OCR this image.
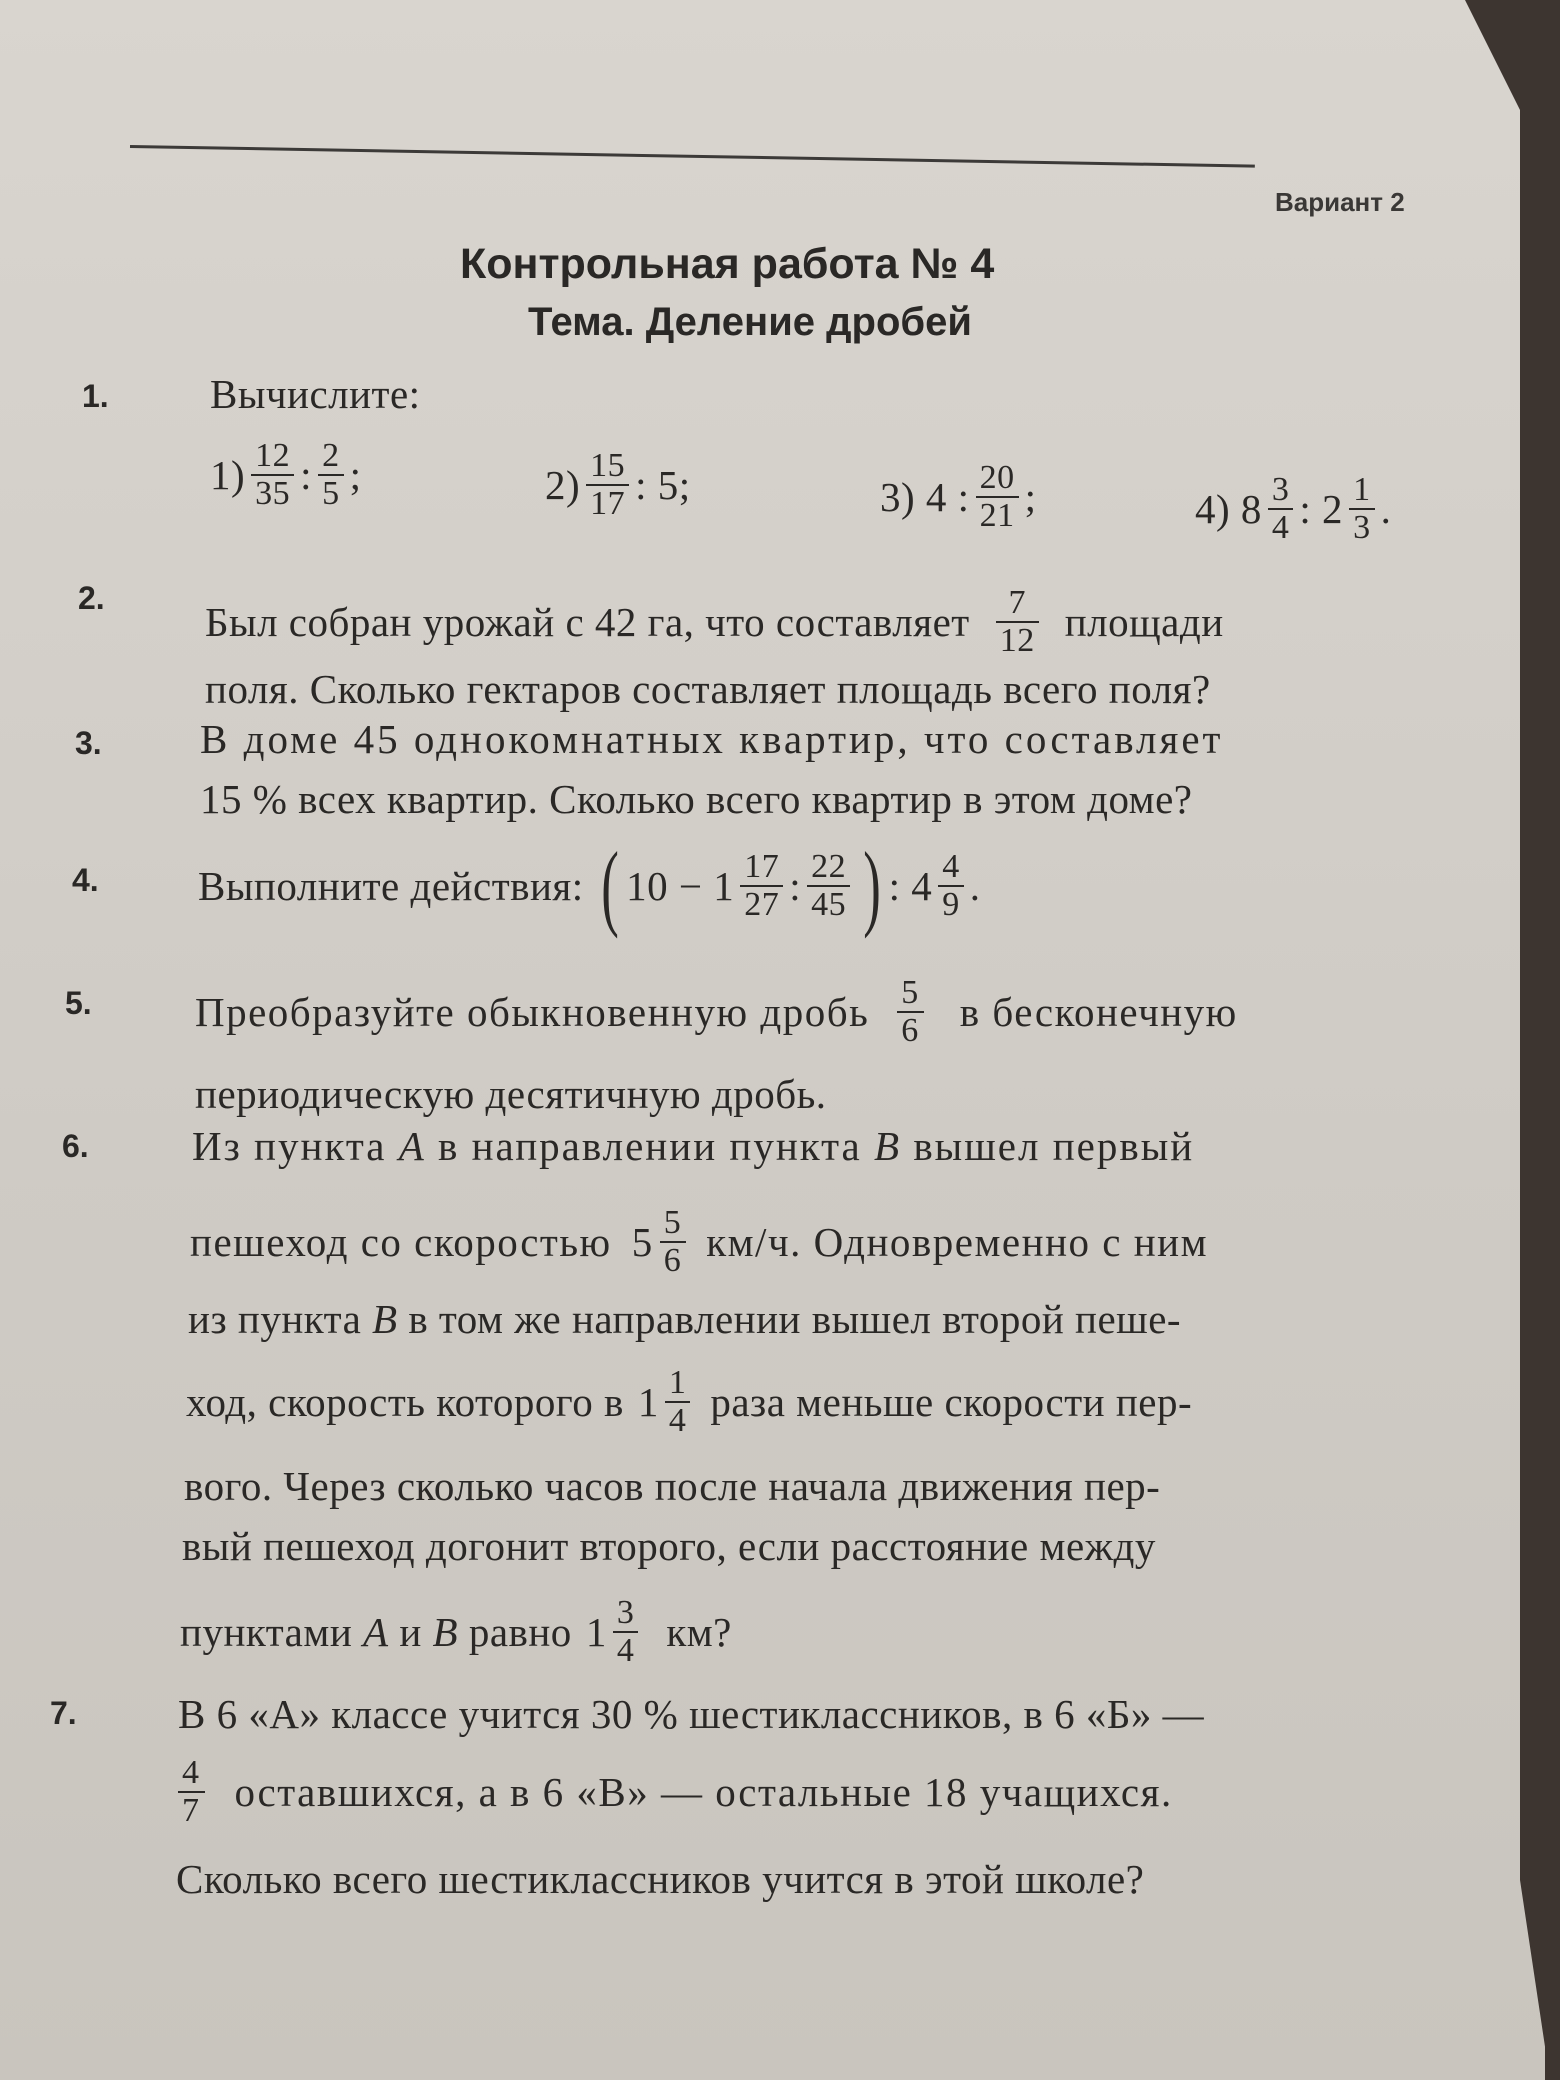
Вариант 2
Контрольная работа № 4
Тема. Деление дробей
1. Вычислите:
$1) \frac{12}{35}$ : $\frac{2}{5}$ ;	$2) \frac{15}{17}$ : 5;	3)
4 : $\frac{20}{21}$ ;	4)
$8 \frac{3}{4}$ : $2 \frac{1}{3}$ .
2.
Был собран урожай с 42 га, что составляет $\frac{7}{12}$ площади
поля. Сколько гектаров составляет площадь всего поля?
3. В доме 45 однокомнатных квартир, что составляет
15 % всех квартир. Сколько всего квартир в этом доме?
4. Выполните действия: ( $10 - 1 \frac{17}{27}$ : $\frac{22}{45}$ ) : $4 \frac{4}{9}$ .
5.	Преобразуйте обыкновенную дробь $\frac{5}{6}$ в бесконечную
периодическую десятичную дробь.
6.	Из пункта
A
в направлении пункта
B
вышел первый
пешеход со скоростью $5 \frac{5}{6} км/ч$. Одновременно с ним
из пункта
B
в том же направлении вышел второй пеше-
ход, скорость которого в $1 \frac{1}{4}$ раза меньше скорости пер-
вого. Через сколько часов после начала движения пер-
вый пешеход догонит второго, если расстояние между
пунктами
A
и
B
равно $1 \frac{3}{4}$ км?
7. В 6 «А» классе учится 30 % шестиклассников, в 6 «Б» —
$\frac{4}{7}$ оставшихся, а в 6 «В» — остальные 18 учащихся.
Сколько всего шестиклассников учится в этой школе?
